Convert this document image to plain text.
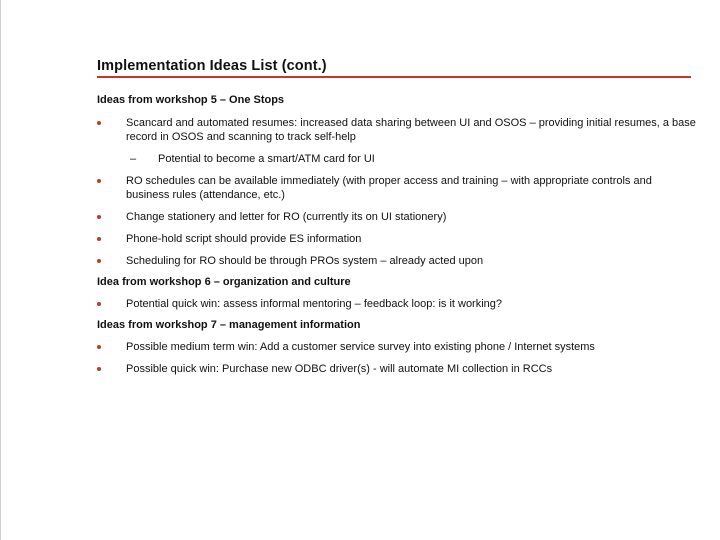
Implementation Ideas List (cont.)

Ideas from workshop 5 – One Stops

Scancard and automated resumes: increased data sharing between UI and OSOS – providing initial resumes, a base record in OSOS and scanning to track self-help
– Potential to become a smart/ATM card for UI
RO schedules can be available immediately (with proper access and training – with appropriate controls and business rules (attendance, etc.)
Change stationery and letter for RO (currently its on UI stationery)
Phone-hold script should provide ES information
Scheduling for RO should be through PROs system – already acted upon

Idea from workshop 6 – organization and culture

Potential quick win: assess informal mentoring – feedback loop: is it working?

Ideas from workshop 7 – management information

Possible medium term win: Add a customer service survey into existing phone / Internet systems
Possible quick win: Purchase new ODBC driver(s) - will automate MI collection in RCCs
